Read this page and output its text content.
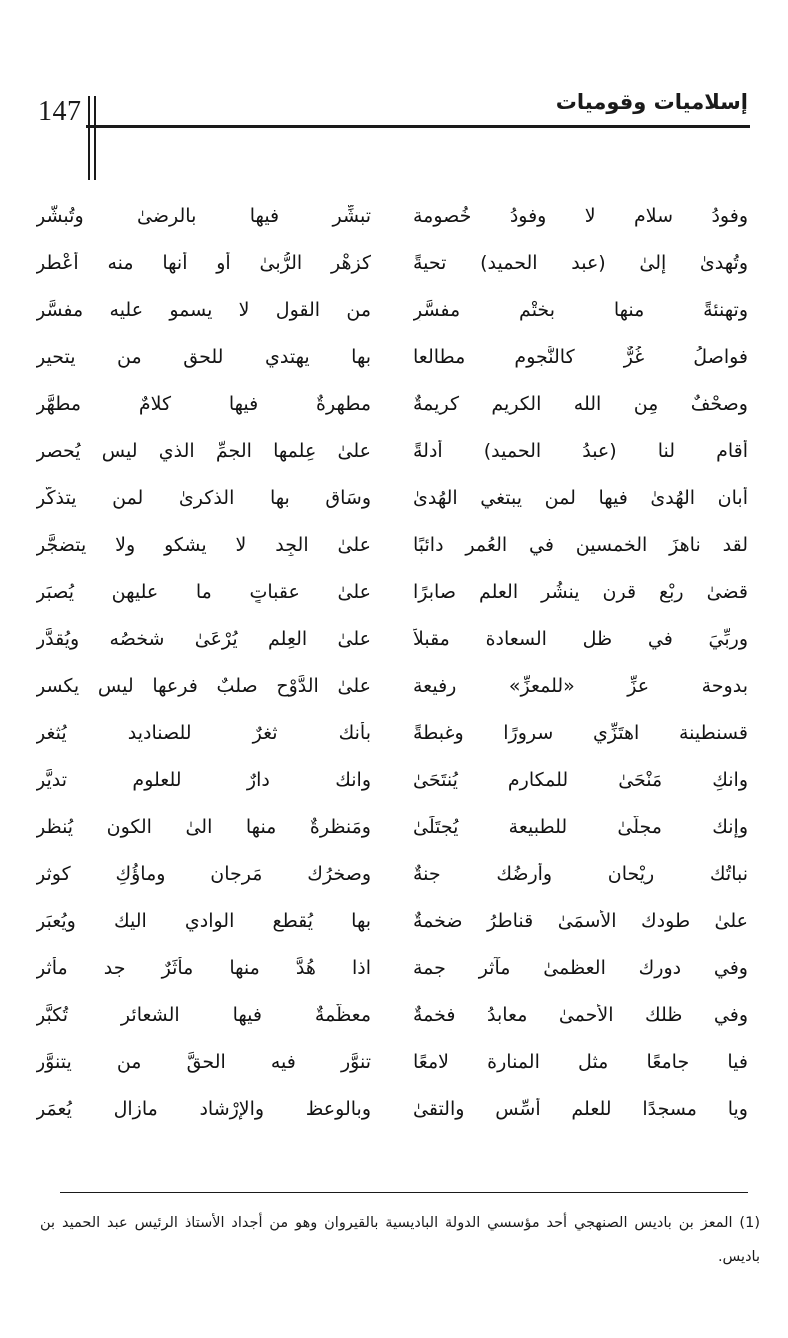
147	إسلاميات وقوميات
وفودُ سلام لا وفودُ خُصومة
تبشِّر فيها بالرضىٰ وتُبشّر
وتُهدىٰ إلىٰ (عبد الحميد) تحيةً
كزهْر الرُّبىٰ أو أنها منه أعْطر
وتهنئةً منها بختْم مفسَّرٍ
من القول لا يسمو عليه مفسَّر
فواصلُ غُرٌّ كالنُّجوم مطالعا
بها يهتدي للحق من يتحير
وصحْفٌ مِن الله الكريم كريمةٌ
مطهرةٌ فيها كلامٌ مطهَّر
أقام لنا (عبدُ الحميد) أدلةً
علىٰ عِلمها الجمِّ الذي ليس يُحصر
أبان الهُدىٰ فيها لمن يبتغي الهُدىٰ
وسَاق بها الذكرىٰ لمن يتذكَّر
لقد ناهزَ الخمسين في العُمر دائبًا
علىٰ الجِد لا يشكو ولا يتضجَّر
قضىٰ ربْع قرن ينشُر العلم صابرًا
علىٰ عقباتٍ ما عليهن يُصبَر
وربِّيَ في ظل السعادة مقبلاً
علىٰ العِلم يُرْعَىٰ شخصُه ويُقدَّر
بدوحة عزِّ «للمعزِّ» رفيعة
علىٰ الدَّوْح صلبٌ فرعها ليس يكسر
قسنطينة اهتَزِّي سرورًا وغبطةً
بأنك ثغرٌ للصناديد يُثغر
وانكِ مَنْحَىٰ للمكارم يُنتَحَىٰ
وانك دارٌ للعلوم تديَّر
وإنك مجلَّىٰ للطبيعة يُجتَلَىٰ
ومَنظرةٌ منها الىٰ الكون يُنظر
نباتُك ريْحان وأرضُك جنةٌ
وصخرُك مَرجان وماؤُكِ كوثر
علىٰ طودك الأسمَىٰ قناطرُ ضخمةٌ
بها يُقطع الوادي اليك ويُعبَر
وفي دورك العظمىٰ مآثر جمة
اذا هُدَّ منها مأثَرٌ جد مأثر
وفي ظلك الأحمىٰ معابدُ فخمةٌ
معظَّمةٌ فيها الشعائر تُكبَّر
فيا جامعًا مثل المنارة لامعًا
تنوَّر فيه الحقَّ من يتنوَّر
ويا مسجدًا للعلم أسِّس والتقىٰ
وبالوعظ والإرْشاد مازال يُعمَر
(1) المعز بن باديس الصنهجي أحد مؤسسي الدولة الباديسية بالقيروان وهو من أجداد الأستاذ الرئيس عبد الحميد بن باديس.
